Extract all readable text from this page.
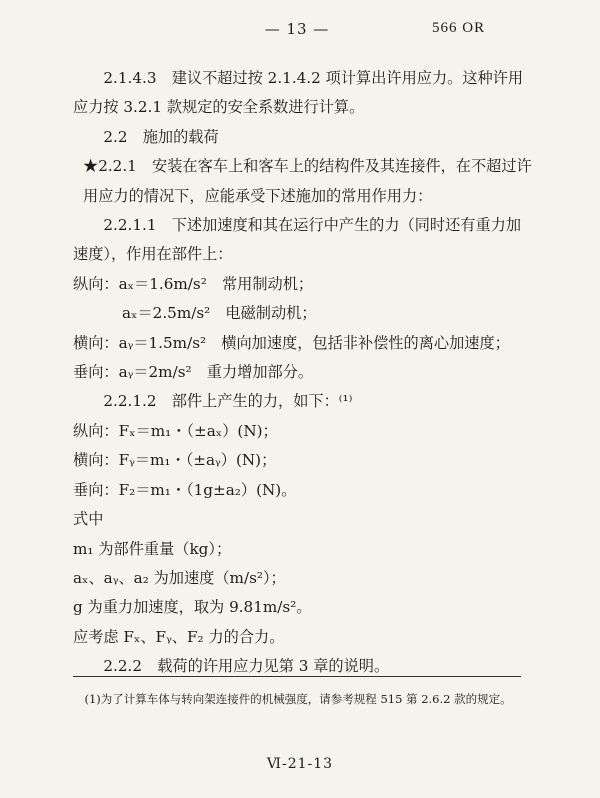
— 13 —	566 OR

2.1.4.3　建议不超过按 2.1.4.2 项计算出许用应力。这种许用应力按 3.2.1 款规定的安全系数进行计算。

2.2　施加的载荷

★2.2.1　安装在客车上和客车上的结构件及其连接件，在不超过许用应力的情况下，应能承受下述施加的常用作用力：

2.2.1.1　下述加速度和其在运行中产生的力（同时还有重力加速度），作用在部件上：

纵向：aₓ＝1.6m/s²　常用制动机；

aₓ＝2.5m/s²　电磁制动机；

横向：aᵧ＝1.5m/s²　横向加速度，包括非补偿性的离心加速度；

垂向：aᵧ＝2m/s²　重力增加部分。

2.2.1.2　部件上产生的力，如下：⁽¹⁾

纵向：Fₓ＝m₁・（±aₓ）(N)；

横向：Fᵧ＝m₁・（±aᵧ）(N)；

垂向：F₂＝m₁・（1g±a₂）(N)。

式中

m₁ 为部件重量（kg）；

aₓ、aᵧ、a₂ 为加速度（m/s²）；

g 为重力加速度，取为 9.81m/s²。

应考虑 Fₓ、Fᵧ、F₂ 力的合力。

2.2.2　载荷的许用应力见第 3 章的说明。

(1)为了计算车体与转向架连接件的机械强度，请参考规程 515 第 2.6.2 款的规定。

Ⅵ-21-13
